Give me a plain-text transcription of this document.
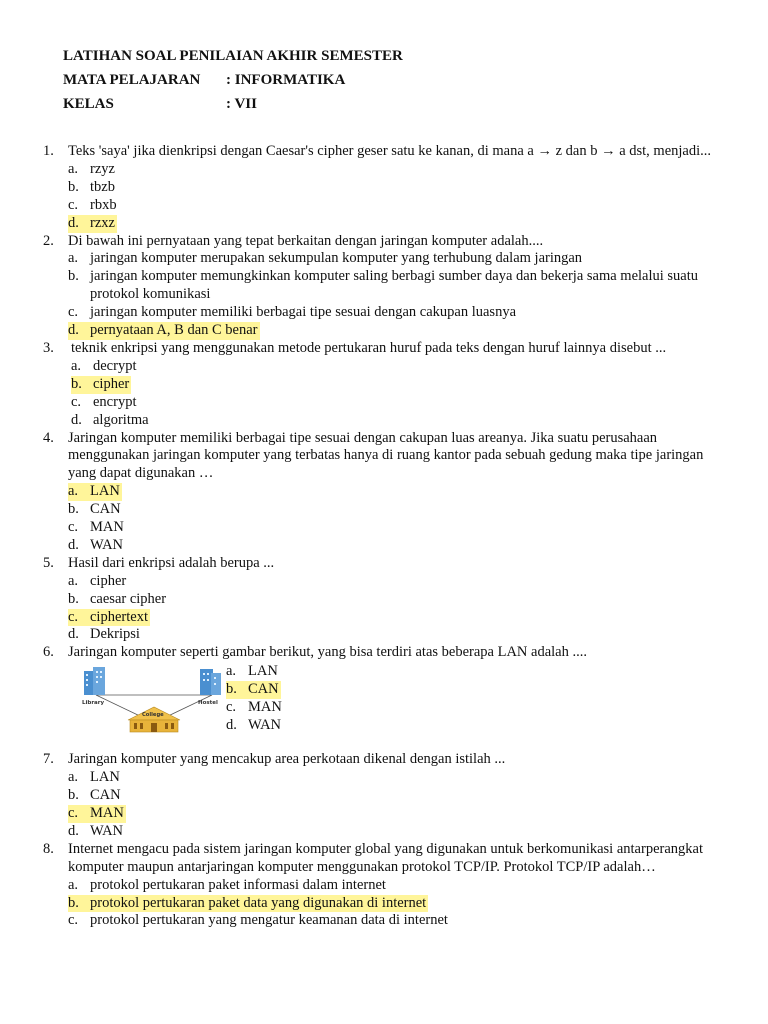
LATIHAN SOAL PENILAIAN AKHIR SEMESTER
MATA PELAJARAN : INFORMATIKA
KELAS	: VII
1. Teks 'saya' jika dienkripsi dengan Caesar's cipher geser satu ke kanan, di mana a → z dan b → a dst, menjadi...
a. rzyz
b. tbzb
c. rbxb
d. rzxz
2. Di bawah ini pernyataan yang tepat berkaitan dengan jaringan komputer adalah....
a. jaringan komputer merupakan sekumpulan komputer yang terhubung dalam jaringan
b. jaringan komputer memungkinkan komputer saling berbagi sumber daya dan bekerja sama melalui suatu protokol komunikasi
c. jaringan komputer memiliki berbagai tipe sesuai dengan cakupan luasnya
d. pernyataan A, B dan C benar
3. teknik enkripsi yang menggunakan metode pertukaran huruf pada teks dengan huruf lainnya disebut ...
a. decrypt
b. cipher
c. encrypt
d. algoritma
4. Jaringan komputer memiliki berbagai tipe sesuai dengan cakupan luas areanya. Jika suatu perusahaan menggunakan jaringan komputer yang terbatas hanya di ruang kantor pada sebuah gedung maka tipe jaringan yang dapat digunakan …
a. LAN
b. CAN
c. MAN
d. WAN
5. Hasil dari enkripsi adalah berupa ...
a. cipher
b. caesar cipher
c. ciphertext
d. Dekripsi
6. Jaringan komputer seperti gambar berikut, yang bisa terdiri atas beberapa LAN adalah ....
Library	Hostel
College
a. LAN
b. CAN
c. MAN
d. WAN
7. Jaringan komputer yang mencakup area perkotaan dikenal dengan istilah ...
a. LAN
b. CAN
c. MAN
d. WAN
8. Internet mengacu pada sistem jaringan komputer global yang digunakan untuk berkomunikasi antarperangkat komputer maupun antarjaringan komputer menggunakan protokol TCP/IP. Protokol TCP/IP adalah…
a. protokol pertukaran paket informasi dalam internet
b. protokol pertukaran paket data yang digunakan di internet
c. protokol pertukaran yang mengatur keamanan data di internet
